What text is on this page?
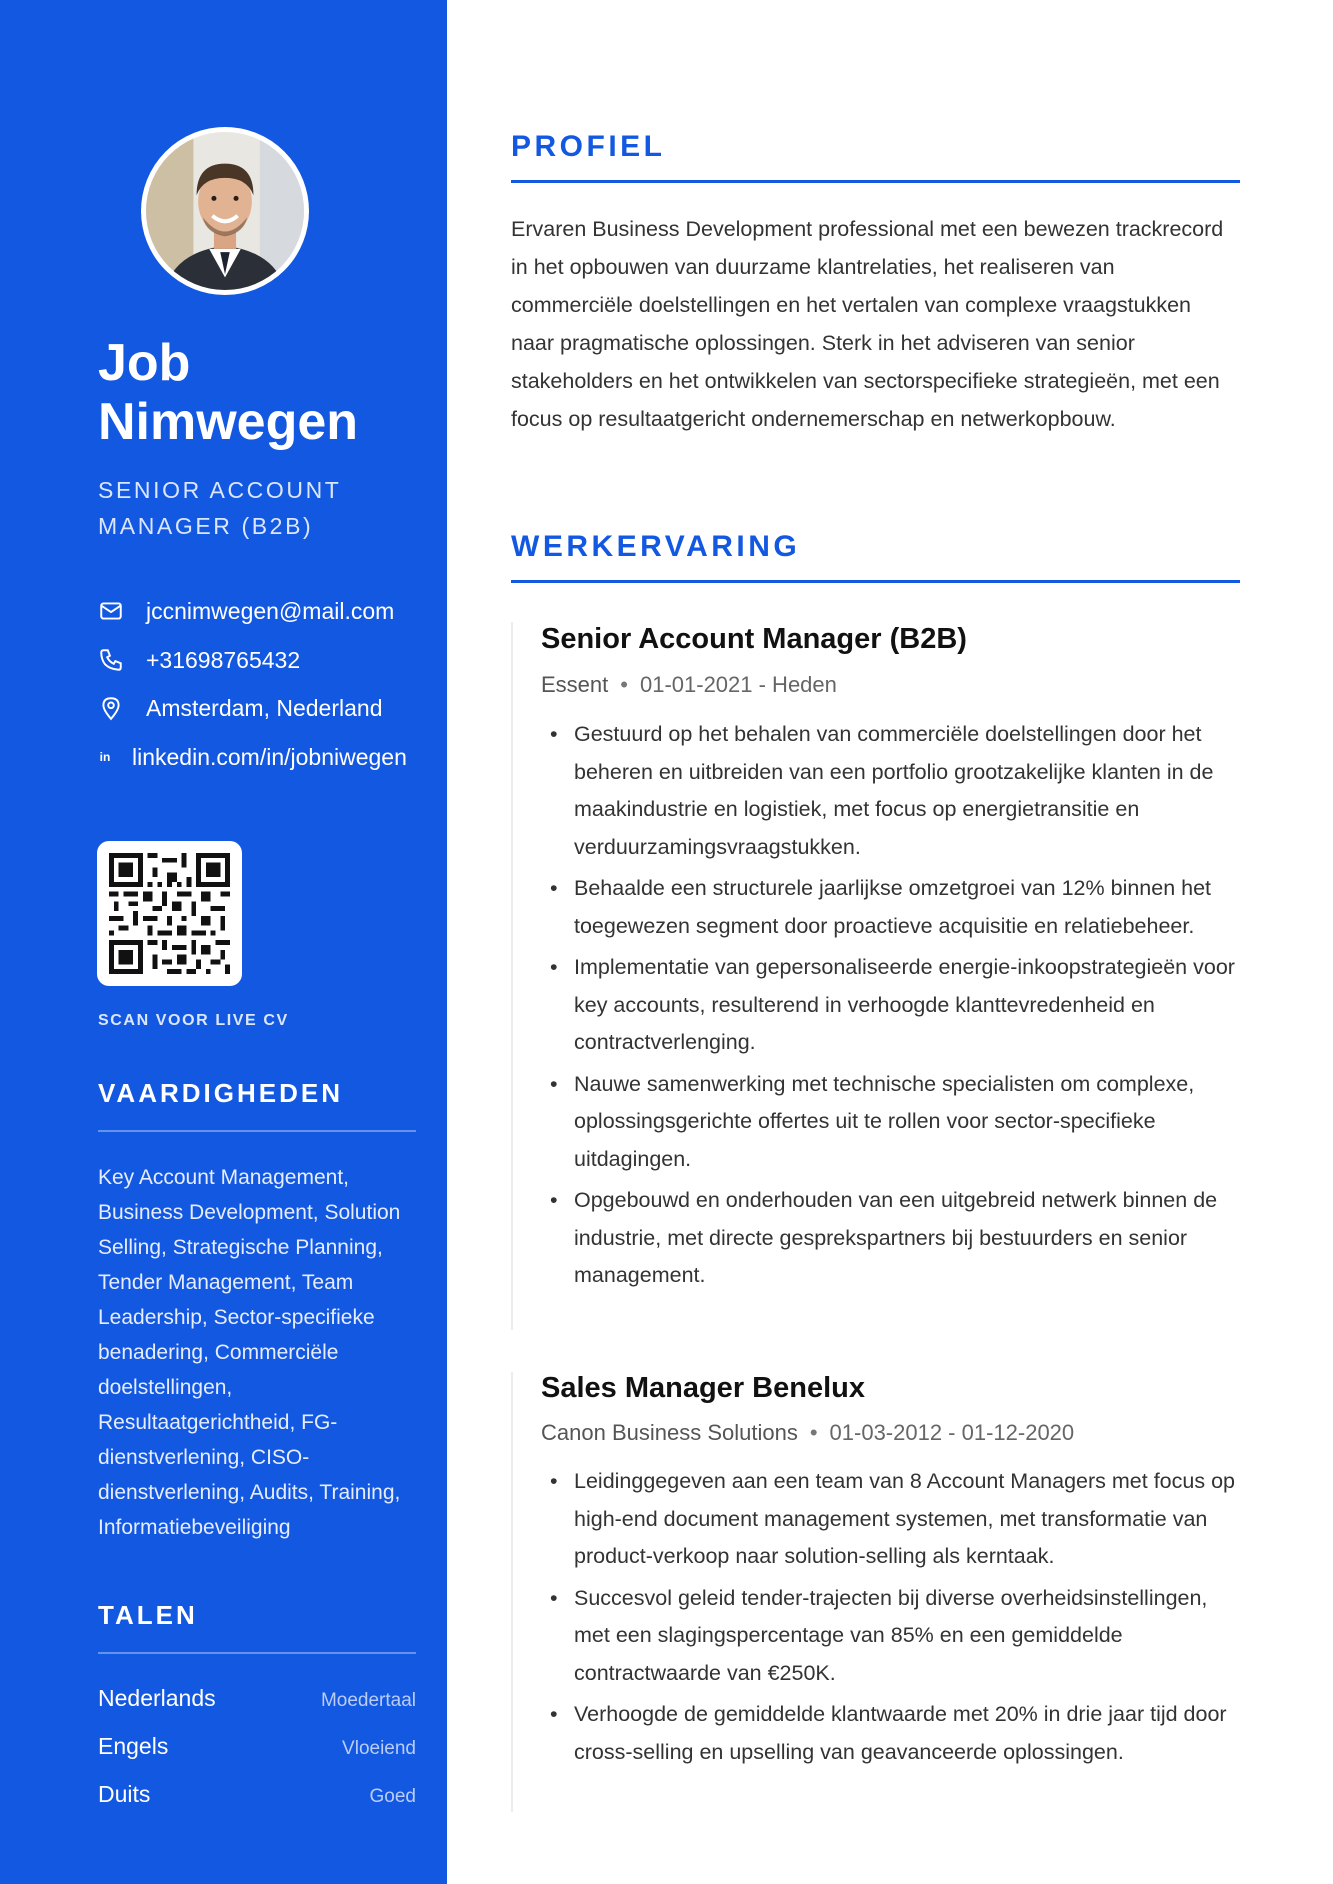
Job Nimwegen
SENIOR ACCOUNT MANAGER (B2B)
jccnimwegen@mail.com
+31698765432
Amsterdam, Nederland
in linkedin.com/in/jobniwegen
SCAN VOOR LIVE CV
VAARDIGHEDEN
Key Account Management, Business Development, Solution Selling, Strategische Planning, Tender Management, Team Leadership, Sector-specifieke benadering, Commerciële doelstellingen, Resultaatgerichtheid, FG-dienstverlening, CISO-dienstverlening, Audits, Training, Informatiebeveiliging
TALEN
Nederlands	Moedertaal
Engels	Vloeiend
Duits	Goed
PROFIEL

Ervaren Business Development professional met een bewezen trackrecord in het opbouwen van duurzame klantrelaties, het realiseren van commerciële doelstellingen en het vertalen van complexe vraagstukken naar pragmatische oplossingen. Sterk in het adviseren van senior stakeholders en het ontwikkelen van sectorspecifieke strategieën, met een focus op resultaatgericht ondernemerschap en netwerkopbouw.

WERKERVARING
Senior Account Manager (B2B)
Essent • 01-01-2021 - Heden
• Gestuurd op het behalen van commerciële doelstellingen door het beheren en uitbreiden van een portfolio grootzakelijke klanten in de maakindustrie en logistiek, met focus op energietransitie en verduurzamingsvraagstukken.
• Behaalde een structurele jaarlijkse omzetgroei van 12% binnen het toegewezen segment door proactieve acquisitie en relatiebeheer.
• Implementatie van gepersonaliseerde energie-inkoopstrategieën voor key accounts, resulterend in verhoogde klanttevredenheid en contractverlenging.
• Nauwe samenwerking met technische specialisten om complexe, oplossingsgerichte offertes uit te rollen voor sector-specifieke uitdagingen.
• Opgebouwd en onderhouden van een uitgebreid netwerk binnen de industrie, met directe gesprekspartners bij bestuurders en senior management.
Sales Manager Benelux
Canon Business Solutions • 01-03-2012 - 01-12-2020
• Leidinggegeven aan een team van 8 Account Managers met focus op high-end document management systemen, met transformatie van product-verkoop naar solution-selling als kerntaak.
• Succesvol geleid tender-trajecten bij diverse overheidsinstellingen, met een slagingspercentage van 85% en een gemiddelde contractwaarde van €250K.
• Verhoogde de gemiddelde klantwaarde met 20% in drie jaar tijd door cross-selling en upselling van geavanceerde oplossingen.
